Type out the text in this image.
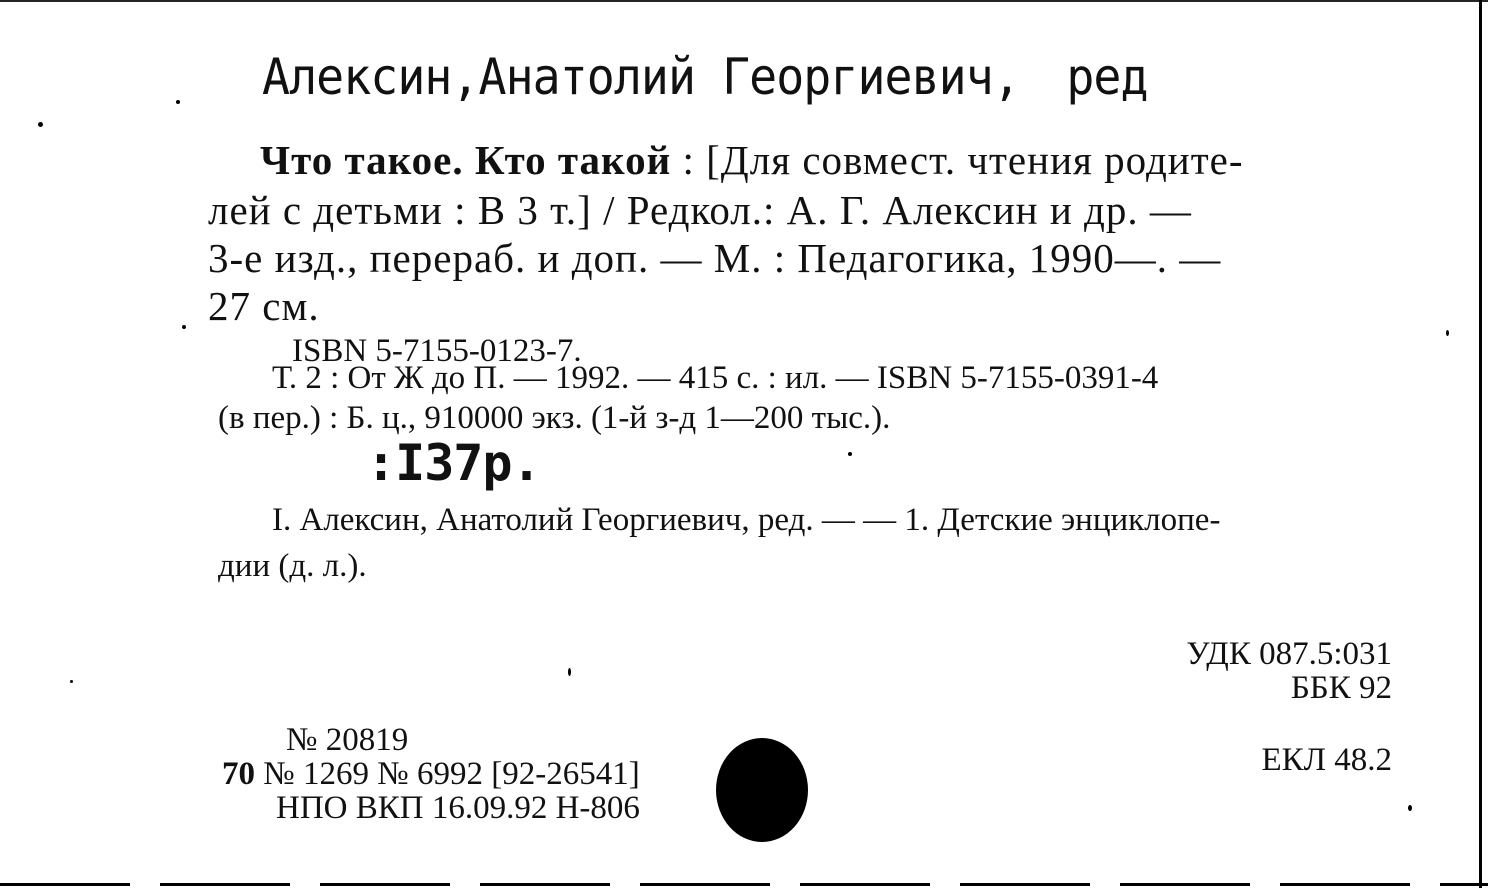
Алексин,Анатолий Георгиевич, ред
Что такое. Кто такой : [Для совмест. чтения родите-
лей с детьми : В 3 т.] / Редкол.: А. Г. Алексин и др. —
3-е изд., перераб. и доп. — М. : Педагогика, 1990—. —
27 см.
ISBN 5-7155-0123-7.
Т. 2 : От Ж до П. — 1992. — 415 с. : ил. — ISBN 5-7155-0391-4
(в пер.) : Б. ц., 910000 экз. (1-й з-д 1—200 тыс.).
:I37р.
I. Алексин, Анатолий Георгиевич, ред. — — 1. Детские энциклопе-
дии (д. л.).
УДК 087.5:031
ББК 92
ЕКЛ 48.2
№ 20819
70 № 1269 № 6992 [92-26541]
НПО ВКП 16.09.92 Н-806
